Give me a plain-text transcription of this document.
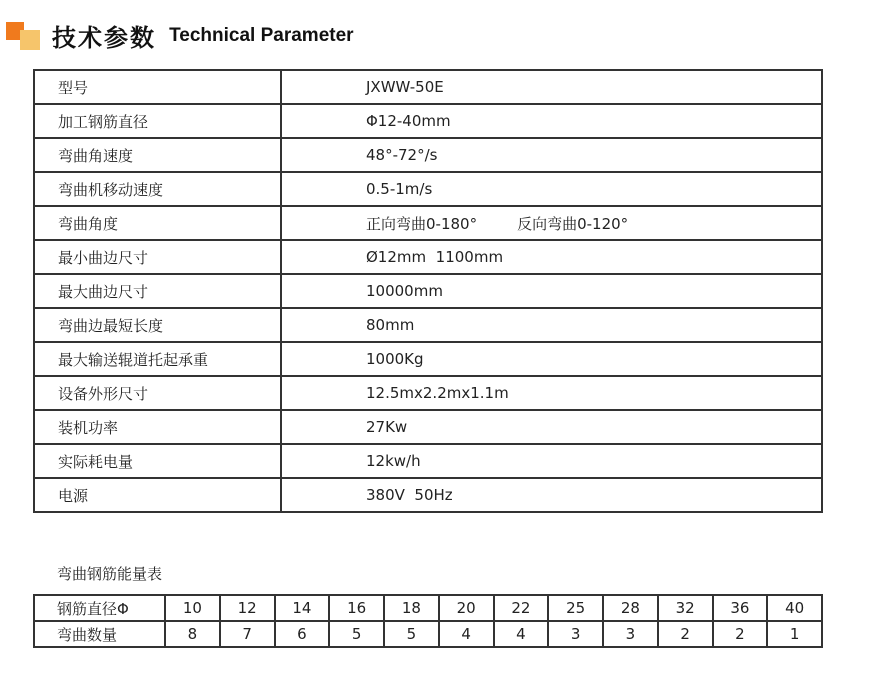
技术参数 Technical Parameter
型号	JXWW-50E
加工钢筋直径	Φ12-40mm
弯曲角速度	48°-72°/s
弯曲机移动速度	0.5-1m/s
弯曲角度	正向弯曲0-180° 反向弯曲0-120°
最小曲边尺寸	Ø12mm  1100mm
最大曲边尺寸	10000mm
弯曲边最短长度	80mm
最大输送辊道托起承重	1000Kg
设备外形尺寸	12.5mx2.2mx1.1m
装机功率	27Kw
实际耗电量	12kw/h
电源	380V  50Hz
弯曲钢筋能量表
钢筋直径Φ	10	12	14	16	18	20	22	25	28	32	36	40
弯曲数量	8	7	6	5	5	4	4	3	3	2	2	1
